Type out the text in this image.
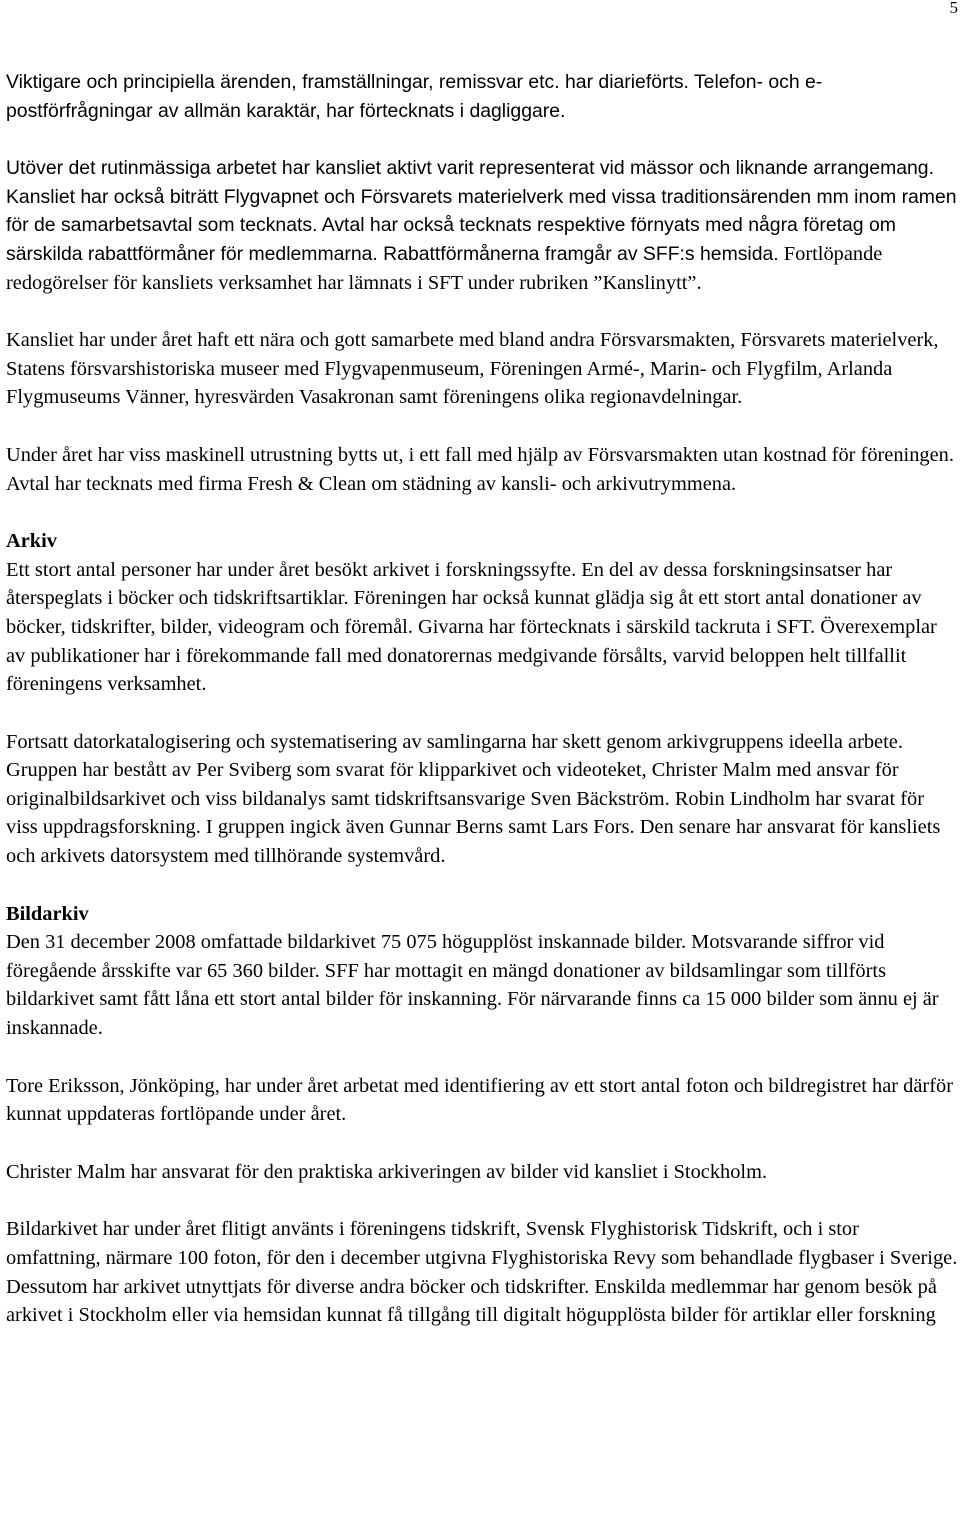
5

Viktigare och principiella ärenden, framställningar, remissvar etc. har diarieförts. Telefon- och e-postförfrågningar av allmän karaktär, har förtecknats i dagliggare.

Utöver det rutinmässiga arbetet har kansliet aktivt varit representerat vid mässor och liknande arrangemang. Kansliet har också biträtt Flygvapnet och Försvarets materielverk med vissa traditionsärenden mm inom ramen för de samarbetsavtal som tecknats. Avtal har också tecknats respektive förnyats med några företag om särskilda rabattförmåner för medlemmarna. Rabattförmånerna framgår av SFF:s hemsida. Fortlöpande redogörelser för kansliets verksamhet har lämnats i SFT under rubriken ”Kanslinytt”.

Kansliet har under året haft ett nära och gott samarbete med bland andra Försvarsmakten, Försvarets materielverk, Statens försvarshistoriska museer med Flygvapenmuseum, Föreningen Armé-, Marin- och Flygfilm, Arlanda Flygmuseums Vänner, hyresvärden Vasakronan samt föreningens olika regionavdelningar.

Under året har viss maskinell utrustning bytts ut, i ett fall med hjälp av Försvarsmakten utan kostnad för föreningen. Avtal har tecknats med firma Fresh & Clean om städning av kansli- och arkivutrymmena.

Arkiv

Ett stort antal personer har under året besökt arkivet i forskningssyfte. En del av dessa forskningsinsatser har återspeglats i böcker och tidskriftsartiklar. Föreningen har också kunnat glädja sig åt ett stort antal donationer av böcker, tidskrifter, bilder, videogram och föremål. Givarna har förtecknats i särskild tackruta i SFT. Överexemplar av publikationer har i förekommande fall med donatorernas medgivande försålts, varvid beloppen helt tillfallit föreningens verksamhet.

Fortsatt datorkatalogisering och systematisering av samlingarna har skett genom arkivgruppens ideella arbete. Gruppen har bestått av Per Sviberg som svarat för klipparkivet och videoteket, Christer Malm med ansvar för originalbildsarkivet och viss bildanalys samt tidskriftsansvarige Sven Bäckström. Robin Lindholm har svarat för viss uppdragsforskning. I gruppen ingick även Gunnar Berns samt Lars Fors. Den senare har ansvarat för kansliets och arkivets datorsystem med tillhörande systemvård.

Bildarkiv

Den 31 december 2008 omfattade bildarkivet 75 075 högupplöst inskannade bilder. Motsvarande siffror vid föregående årsskifte var 65 360 bilder. SFF har mottagit en mängd donationer av bildsamlingar som tillförts bildarkivet samt fått låna ett stort antal bilder för inskanning. För närvarande finns ca 15 000 bilder som ännu ej är inskannade.

Tore Eriksson, Jönköping, har under året arbetat med identifiering av ett stort antal foton och bildregistret har därför kunnat uppdateras fortlöpande under året.

Christer Malm har ansvarat för den praktiska arkiveringen av bilder vid kansliet i Stockholm.

Bildarkivet har under året flitigt använts i föreningens tidskrift, Svensk Flyghistorisk Tidskrift, och i stor omfattning, närmare 100 foton, för den i december utgivna Flyghistoriska Revy som behandlade flygbaser i Sverige. Dessutom har arkivet utnyttjats för diverse andra böcker och tidskrifter. Enskilda medlemmar har genom besök på arkivet i Stockholm eller via hemsidan kunnat få tillgång till digitalt högupplösta bilder för artiklar eller forskning
